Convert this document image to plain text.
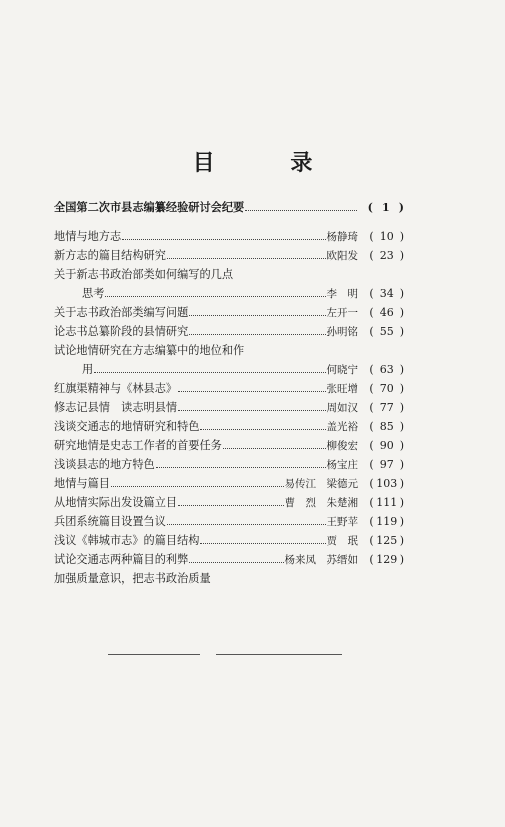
目 录
全国第二次市县志编纂经验研讨会纪要	( 1 )
地情与地方志	杨静琦	( 10 )
新方志的篇目结构研究	欧阳发	( 23 )
关于新志书政治部类如何编写的几点
思考	李　明	( 34 )
关于志书政治部类编写问题	左开一	( 46 )
论志书总纂阶段的县情研究	孙明铭	( 55 )
试论地情研究在方志编纂中的地位和作
用	何晓宁	( 63 )
红旗渠精神与《林县志》	张旺增	( 70 )
修志记县情　读志明县情	周如汉	( 77 )
浅谈交通志的地情研究和特色	盖光裕	( 85 )
研究地情是史志工作者的首要任务	柳俊宏	( 90 )
浅谈县志的地方特色	杨宝庄	( 97 )
地情与篇目	易传江　梁德元	( 103 )
从地情实际出发设篇立目	曹　烈　朱楚湘	( 111 )
兵团系统篇目设置刍议	王野苹	( 119 )
浅议《韩城市志》的篇目结构	贾　珉	( 125 )
试论交通志两种篇目的利弊	杨来凤　苏缙如	( 129 )
加强质量意识，把志书政治质量
